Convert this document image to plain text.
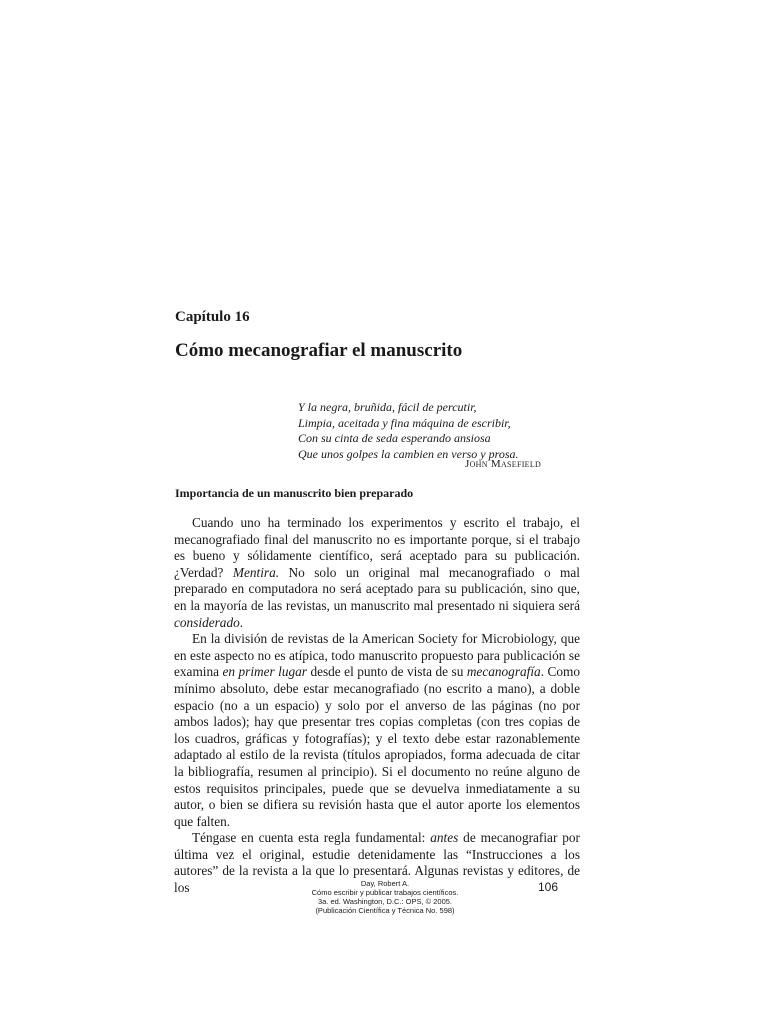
Capítulo 16
Cómo mecanografiar el manuscrito
Y la negra, bruñida, fácil de percutir,
Limpia, aceitada y fina máquina de escribir,
Con su cinta de seda esperando ansiosa
Que unos golpes la cambien en verso y prosa.
John Masefield
Importancia de un manuscrito bien preparado

Cuando uno ha terminado los experimentos y escrito el trabajo, el mecanografiado final del manuscrito no es importante porque, si el trabajo es bueno y sólidamente científico, será aceptado para su publicación. ¿Verdad? Mentira. No solo un original mal mecanografiado o mal preparado en computadora no será aceptado para su publicación, sino que, en la mayoría de las revistas, un manuscrito mal presentado ni siquiera será considerado.

En la división de revistas de la American Society for Microbiology, que en este aspecto no es atípica, todo manuscrito propuesto para publicación se examina en primer lugar desde el punto de vista de su mecanografía. Como mínimo absoluto, debe estar mecanografiado (no escrito a mano), a doble espacio (no a un espacio) y solo por el anverso de las páginas (no por ambos lados); hay que presentar tres copias completas (con tres copias de los cuadros, gráficas y fotografías); y el texto debe estar razonablemente adaptado al estilo de la revista (títulos apropiados, forma adecuada de citar la bibliografía, resumen al principio). Si el documento no reúne alguno de estos requisitos principales, puede que se devuelva inmediatamente a su autor, o bien se difiera su revisión hasta que el autor aporte los elementos que falten.

Téngase en cuenta esta regla fundamental: antes de mecanografiar por última vez el original, estudie detenidamente las “Instrucciones a los autores” de la revista a la que lo presentará. Algunas revistas y editores, de los	Day, Robert A.
Cómo escribir y publicar trabajos científicos.
3a. ed. Washington, D.C.: OPS, © 2005.
(Publicación Científica y Técnica No. 598)
106
